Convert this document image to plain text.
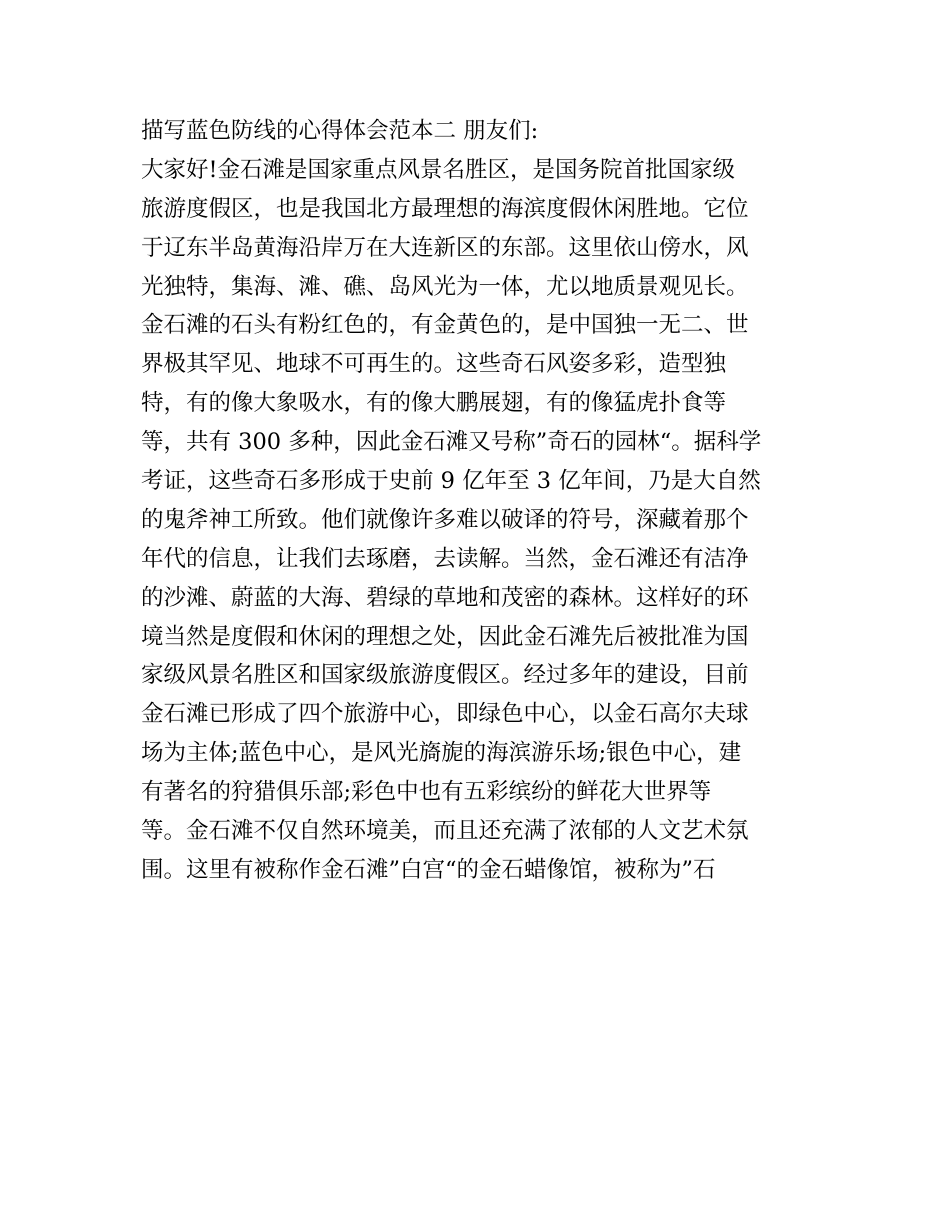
描写蓝色防线的心得体会范本二 朋友们:
大家好!金石滩是国家重点风景名胜区，是国务院首批国家级
旅游度假区，也是我国北方最理想的海滨度假休闲胜地。它位
于辽东半岛黄海沿岸万在大连新区的东部。这里依山傍水，风
光独特，集海、滩、礁、岛风光为一体，尤以地质景观见长。
金石滩的石头有粉红色的，有金黄色的，是中国独一无二、世
界极其罕见、地球不可再生的。这些奇石风姿多彩，造型独
特，有的像大象吸水，有的像大鹏展翅，有的像猛虎扑食等
等，共有 300 多种，因此金石滩又号称”奇石的园林“。据科学
考证，这些奇石多形成于史前 9 亿年至 3 亿年间，乃是大自然
的鬼斧神工所致。他们就像许多难以破译的符号，深藏着那个
年代的信息，让我们去琢磨，去读解。当然，金石滩还有洁净
的沙滩、蔚蓝的大海、碧绿的草地和茂密的森林。这样好的环
境当然是度假和休闲的理想之处，因此金石滩先后被批准为国
家级风景名胜区和国家级旅游度假区。经过多年的建设，目前
金石滩已形成了四个旅游中心，即绿色中心，以金石高尔夫球
场为主体;蓝色中心，是风光旖旎的海滨游乐场;银色中心，建
有著名的狩猎俱乐部;彩色中也有五彩缤纷的鲜花大世界等
等。金石滩不仅自然环境美，而且还充满了浓郁的人文艺术氛
围。这里有被称作金石滩”白宫“的金石蜡像馆，被称为”石
